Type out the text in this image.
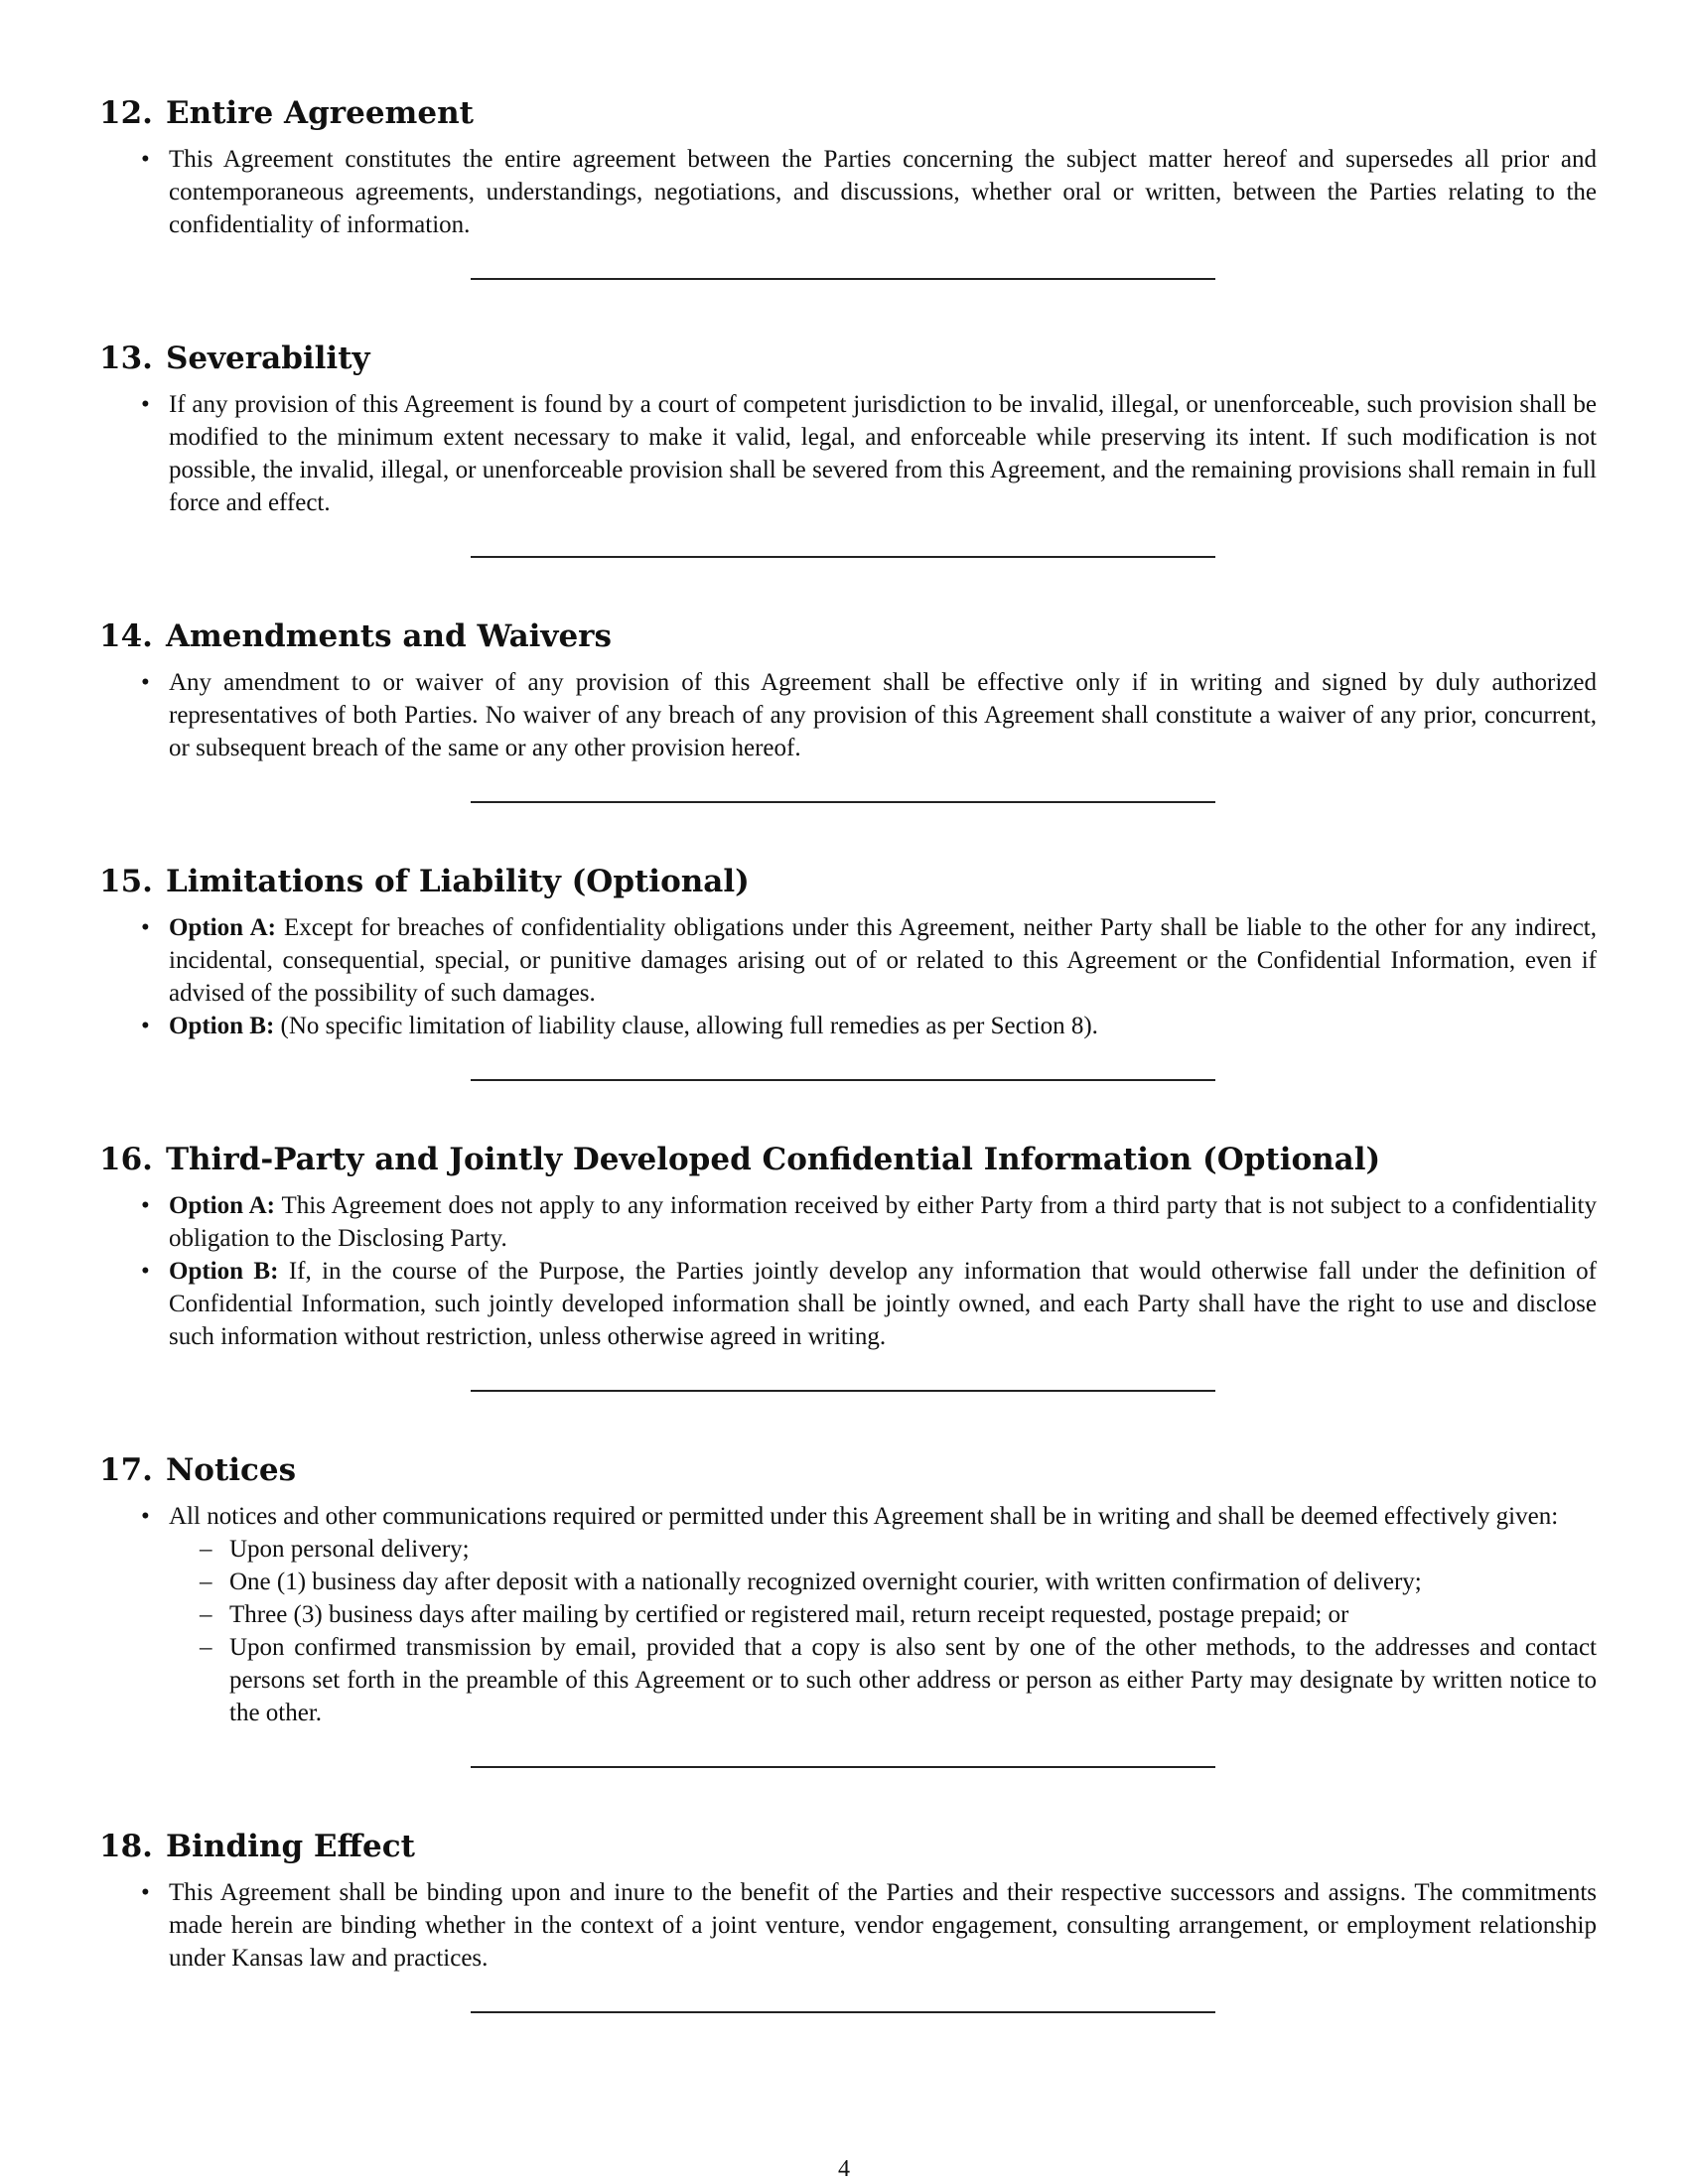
12. Entire Agreement
• This Agreement constitutes the entire agreement between the Parties concerning the subject matter hereof and supersedes all prior and contemporaneous agreements, understandings, negotiations, and discussions, whether oral or written, between the Parties relating to the confidentiality of information.
13. Severability
• If any provision of this Agreement is found by a court of competent jurisdiction to be invalid, illegal, or unenforceable, such provision shall be modified to the minimum extent necessary to make it valid, legal, and enforceable while preserving its intent. If such modification is not possible, the invalid, illegal, or unenforceable provision shall be severed from this Agreement, and the remaining provisions shall remain in full force and effect.
14. Amendments and Waivers
• Any amendment to or waiver of any provision of this Agreement shall be effective only if in writing and signed by duly authorized representatives of both Parties. No waiver of any breach of any provision of this Agreement shall constitute a waiver of any prior, concurrent, or subsequent breach of the same or any other provision hereof.
15. Limitations of Liability (Optional)
• Option A: Except for breaches of confidentiality obligations under this Agreement, neither Party shall be liable to the other for any indirect, incidental, consequential, special, or punitive damages arising out of or related to this Agreement or the Confidential Information, even if advised of the possibility of such damages.
• Option B: (No specific limitation of liability clause, allowing full remedies as per Section 8).
16. Third-Party and Jointly Developed Confidential Information (Optional)
• Option A: This Agreement does not apply to any information received by either Party from a third party that is not subject to a confidentiality obligation to the Disclosing Party.
• Option B: If, in the course of the Purpose, the Parties jointly develop any information that would otherwise fall under the definition of Confidential Information, such jointly developed information shall be jointly owned, and each Party shall have the right to use and disclose such information without restriction, unless otherwise agreed in writing.
17. Notices
• All notices and other communications required or permitted under this Agreement shall be in writing and shall be deemed effectively given:
– Upon personal delivery;
– One (1) business day after deposit with a nationally recognized overnight courier, with written confirmation of delivery;
– Three (3) business days after mailing by certified or registered mail, return receipt requested, postage prepaid; or
– Upon confirmed transmission by email, provided that a copy is also sent by one of the other methods, to the addresses and contact persons set forth in the preamble of this Agreement or to such other address or person as either Party may designate by written notice to the other.
18. Binding Effect
• This Agreement shall be binding upon and inure to the benefit of the Parties and their respective successors and assigns. The commitments made herein are binding whether in the context of a joint venture, vendor engagement, consulting arrangement, or employment relationship under Kansas law and practices.
4
